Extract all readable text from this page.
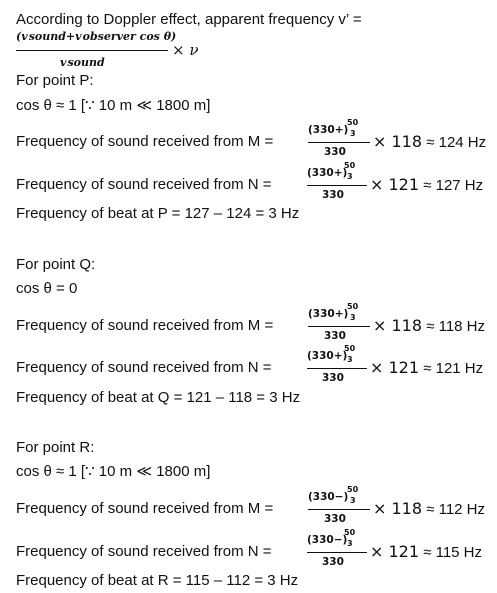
According to Doppler effect, apparent frequency v’ =
(v sound+v observer cos θ)
v sound
× ν
For point P:
cos θ ≈ 1 [∵ 10 m ≪ 1800 m]
Frequency of sound received from M =
(330+)
50
3
330
× 118 ≈ 124 Hz
Frequency of sound received from N =
(330+)
50
3
330
× 121 ≈ 127 Hz
Frequency of beat at P = 127 – 124 = 3 Hz
For point Q:
cos θ = 0
Frequency of sound received from M =
(330+)
50
3
330
× 118 ≈ 118 Hz
Frequency of sound received from N =
(330+)
50
3
330
× 121 ≈ 121 Hz
Frequency of beat at Q = 121 – 118 = 3 Hz
For point R:
cos θ ≈ 1 [∵ 10 m ≪ 1800 m]
Frequency of sound received from M =
(330−)
50
3
330
× 118 ≈ 112 Hz
Frequency of sound received from N =
(330−)
50
3
330
× 121 ≈ 115 Hz
Frequency of beat at R = 115 – 112 = 3 Hz
